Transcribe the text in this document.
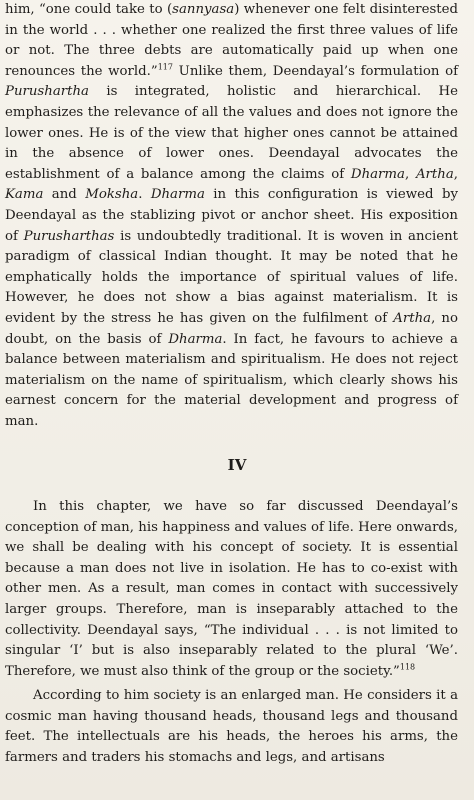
him, “one could take to (sannyasa) whenever one felt disinterested in the world . . . whether one realized the first three values of life or not. The three debts are automatically paid up when one renounces the world.”$^{117}$ Unlike them, Deendayal’s formulation of Purushartha is integrated, holistic and hierarchical. He emphasizes the relevance of all the values and does not ignore the lower ones. He is of the view that higher ones cannot be attained in the absence of lower ones. Deendayal advocates the establishment of a balance among the claims of Dharma, Artha, Kama and Moksha. Dharma in this configuration is viewed by Deendayal as the stablizing pivot or anchor sheet. His exposition of Purusharthas is undoubtedly traditional. It is woven in ancient paradigm of classical Indian thought. It may be noted that he emphatically holds the importance of spiritual values of life. However, he does not show a bias against materialism. It is evident by the stress he has given on the fulfilment of Artha, no doubt, on the basis of Dharma. In fact, he favours to achieve a balance between materialism and spiritualism. He does not reject materialism on the name of spiritualism, which clearly shows his earnest concern for the material development and progress of man.

IV

In this chapter, we have so far discussed Deendayal’s conception of man, his happiness and values of life. Here onwards, we shall be dealing with his concept of society. It is essential because a man does not live in isolation. He has to co-exist with other men. As a result, man comes in contact with successively larger groups. Therefore, man is inseparably attached to the collectivity. Deendayal says, “The individual . . . is not limited to singular ‘I’ but is also inseparably related to the plural ‘We’. Therefore, we must also think of the group or the society.”$^{118}$

According to him society is an enlarged man. He considers it a cosmic man having thousand heads, thousand legs and thousand feet. The intellectuals are his heads, the heroes his arms, the farmers and traders his stomachs and legs, and artisans
